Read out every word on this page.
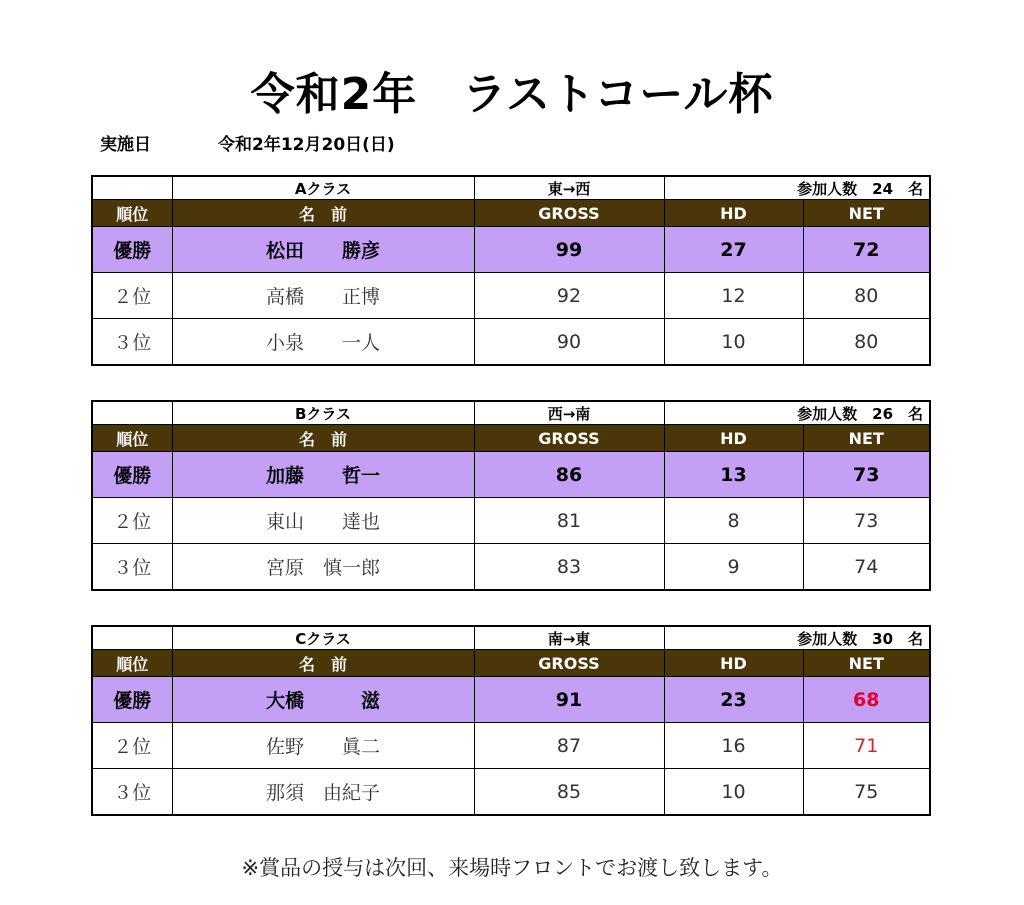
令和2年　ラストコール杯
実施日	令和2年12月20日(日)
	Aクラス	東→西	参加人数　24　名	
順位	名　前	GROSS	HD	NET
優勝	松田　　勝彦	99	27	72
２位	高橋　　正博	92	12	80
３位	小泉　　一人	90	10	80
	Bクラス	西→南	参加人数　26　名	
順位	名　前	GROSS	HD	NET
優勝	加藤　　哲一	86	13	73
２位	東山　　達也	81	8	73
３位	宮原　慎一郎	83	9	74
	Cクラス	南→東	参加人数　30　名	
順位	名　前	GROSS	HD	NET
優勝	大橋　　　滋	91	23	68
２位	佐野　　眞二	87	16	71
３位	那須　由紀子	85	10	75
※賞品の授与は次回、来場時フロントでお渡し致します。
